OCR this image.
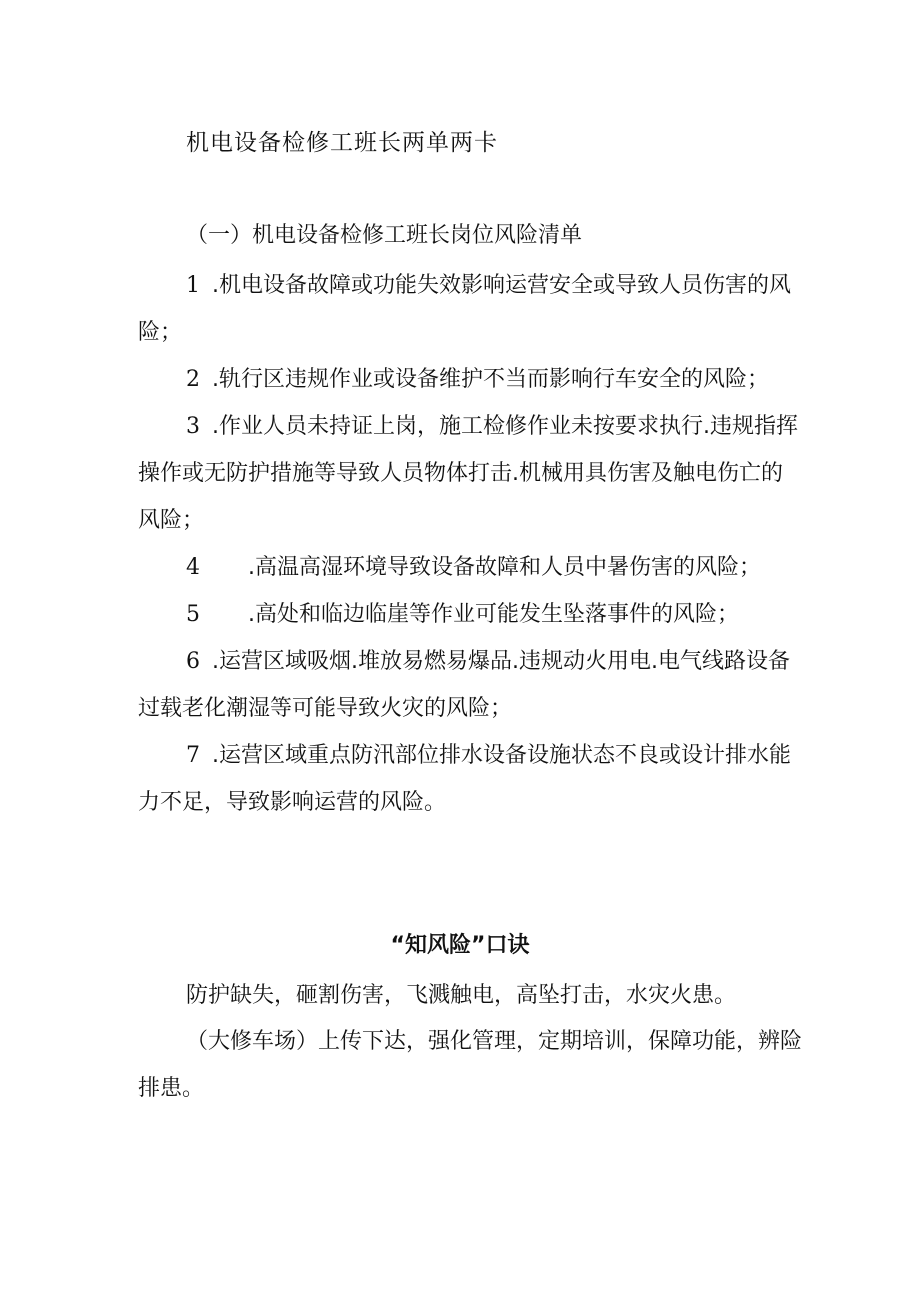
机电设备检修工班长两单两卡
（一）机电设备检修工班长岗位风险清单
1 .机电设备故障或功能失效影响运营安全或导致人员伤害的风险；
2 .轨行区违规作业或设备维护不当而影响行车安全的风险；
3 .作业人员未持证上岗，施工检修作业未按要求执行.违规指挥操作或无防护措施等导致人员物体打击.机械用具伤害及触电伤亡的风险；
4 .高温高湿环境导致设备故障和人员中暑伤害的风险；
5 .高处和临边临崖等作业可能发生坠落事件的风险；
6 .运营区域吸烟.堆放易燃易爆品.违规动火用电.电气线路设备过载老化潮湿等可能导致火灾的风险；
7 .运营区域重点防汛部位排水设备设施状态不良或设计排水能力不足，导致影响运营的风险。
“知风险”口诀

防护缺失，砸割伤害，飞溅触电，高坠打击，水灾火患。

（大修车场）上传下达，强化管理，定期培训，保障功能，辨险排患。
